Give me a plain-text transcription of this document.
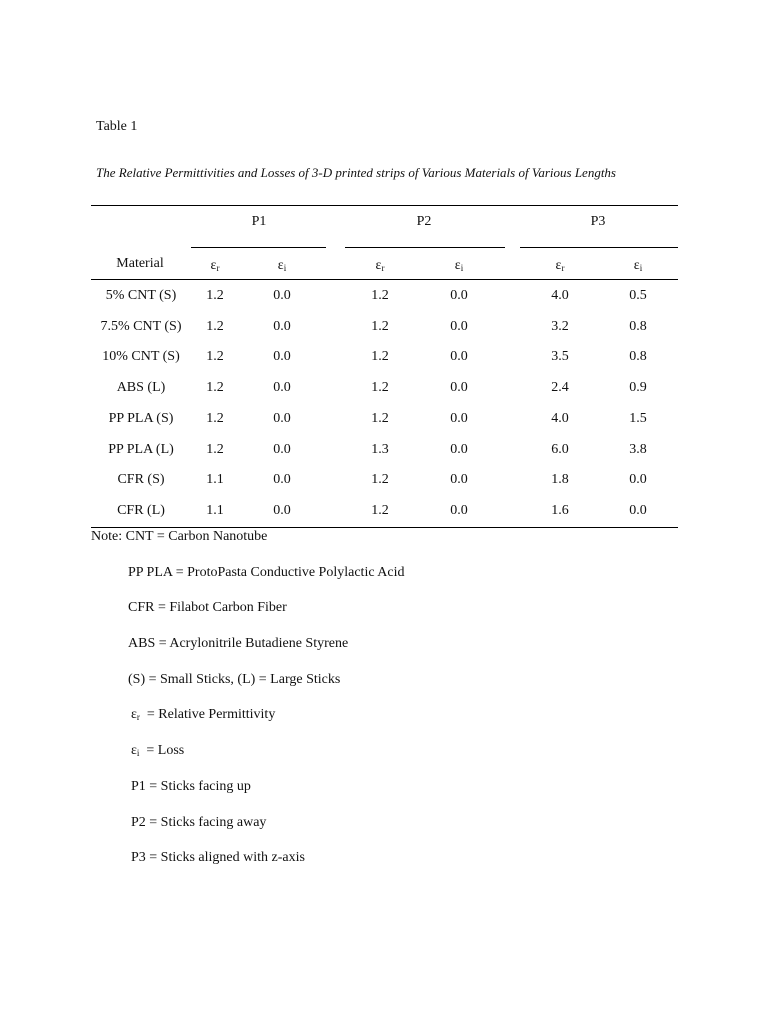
Table 1
The Relative Permittivities and Losses of 3-D printed strips of Various Materials of Various Lengths
P1	P2	P3
Material	$\varepsilon_r$	$\varepsilon_i$	$\varepsilon_r$	$\varepsilon_i$	$\varepsilon_r$	$\varepsilon_i$
5% CNT (S) 1.2	0.0	1.2	0.0	4.0	0.5
7.5% CNT (S) 1.2	0.0	1.2	0.0	3.2	0.8
10% CNT (S) 1.2	0.0	1.2	0.0	3.5	0.8
ABS (L)	1.2	0.0	1.2	0.0	2.4	0.9
PP PLA (S) 1.2	0.0	1.2	0.0	4.0	1.5
PP PLA (L) 1.2	0.0	1.3	0.0	6.0	3.8
CFR (S)	1.1	0.0	1.2	0.0	1.8	0.0
CFR (L)	1.1	0.0	1.2	0.0	1.6	0.0
Note: CNT = Carbon Nanotube
PP PLA = ProtoPasta Conductive Polylactic Acid
CFR = Filabot Carbon Fiber
ABS = Acrylonitrile Butadiene Styrene
(S) = Small Sticks, (L) = Large Sticks
$\varepsilon_r$  = Relative Permittivity
$\varepsilon_i$  = Loss
P1 = Sticks facing up
P2 = Sticks facing away
P3 = Sticks aligned with z-axis
